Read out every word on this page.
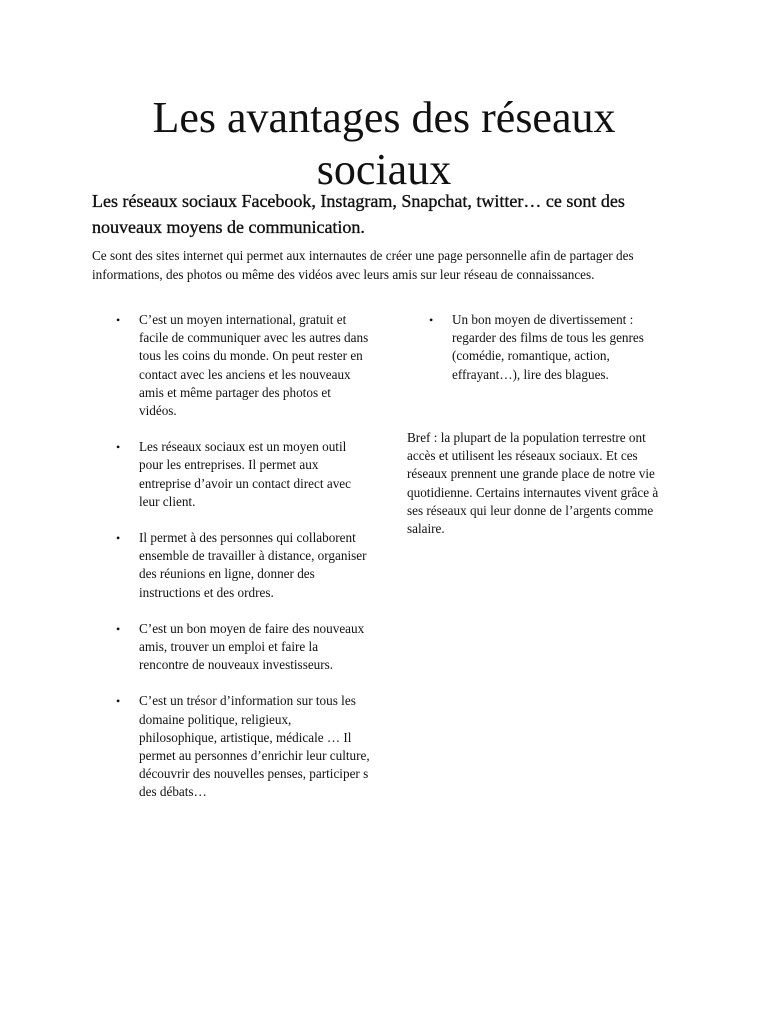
Les avantages des réseaux sociaux

Les réseaux sociaux Facebook, Instagram, Snapchat, twitter… ce sont des nouveaux moyens de communication.

Ce sont des sites internet qui permet aux internautes de créer une page personnelle afin de partager des informations, des photos ou même des vidéos avec leurs amis sur leur réseau de connaissances.

• C’est un moyen international, gratuit et facile de communiquer avec les autres dans tous les coins du monde. On peut rester en contact avec les anciens et les nouveaux amis et même partager des photos et vidéos.
• Les réseaux sociaux est un moyen outil pour les entreprises. Il permet aux entreprise d’avoir un contact direct avec leur client.
• Il permet à des personnes qui collaborent ensemble de travailler à distance, organiser des réunions en ligne, donner des instructions et des ordres.
• C’est un bon moyen de faire des nouveaux amis, trouver un emploi et faire la rencontre de nouveaux investisseurs.
• C’est un trésor d’information sur tous les domaine politique, religieux, philosophique, artistique, médicale … Il permet au personnes d’enrichir leur culture, découvrir des nouvelles penses, participer s des débats…
• Un bon moyen de divertissement : regarder des films de tous les genres (comédie, romantique, action, effrayant…), lire des blagues.

Bref : la plupart de la population terrestre ont accès et utilisent les réseaux sociaux. Et ces réseaux prennent une grande place de notre vie quotidienne. Certains internautes vivent grâce à ses réseaux qui leur donne de l’argents comme salaire.
